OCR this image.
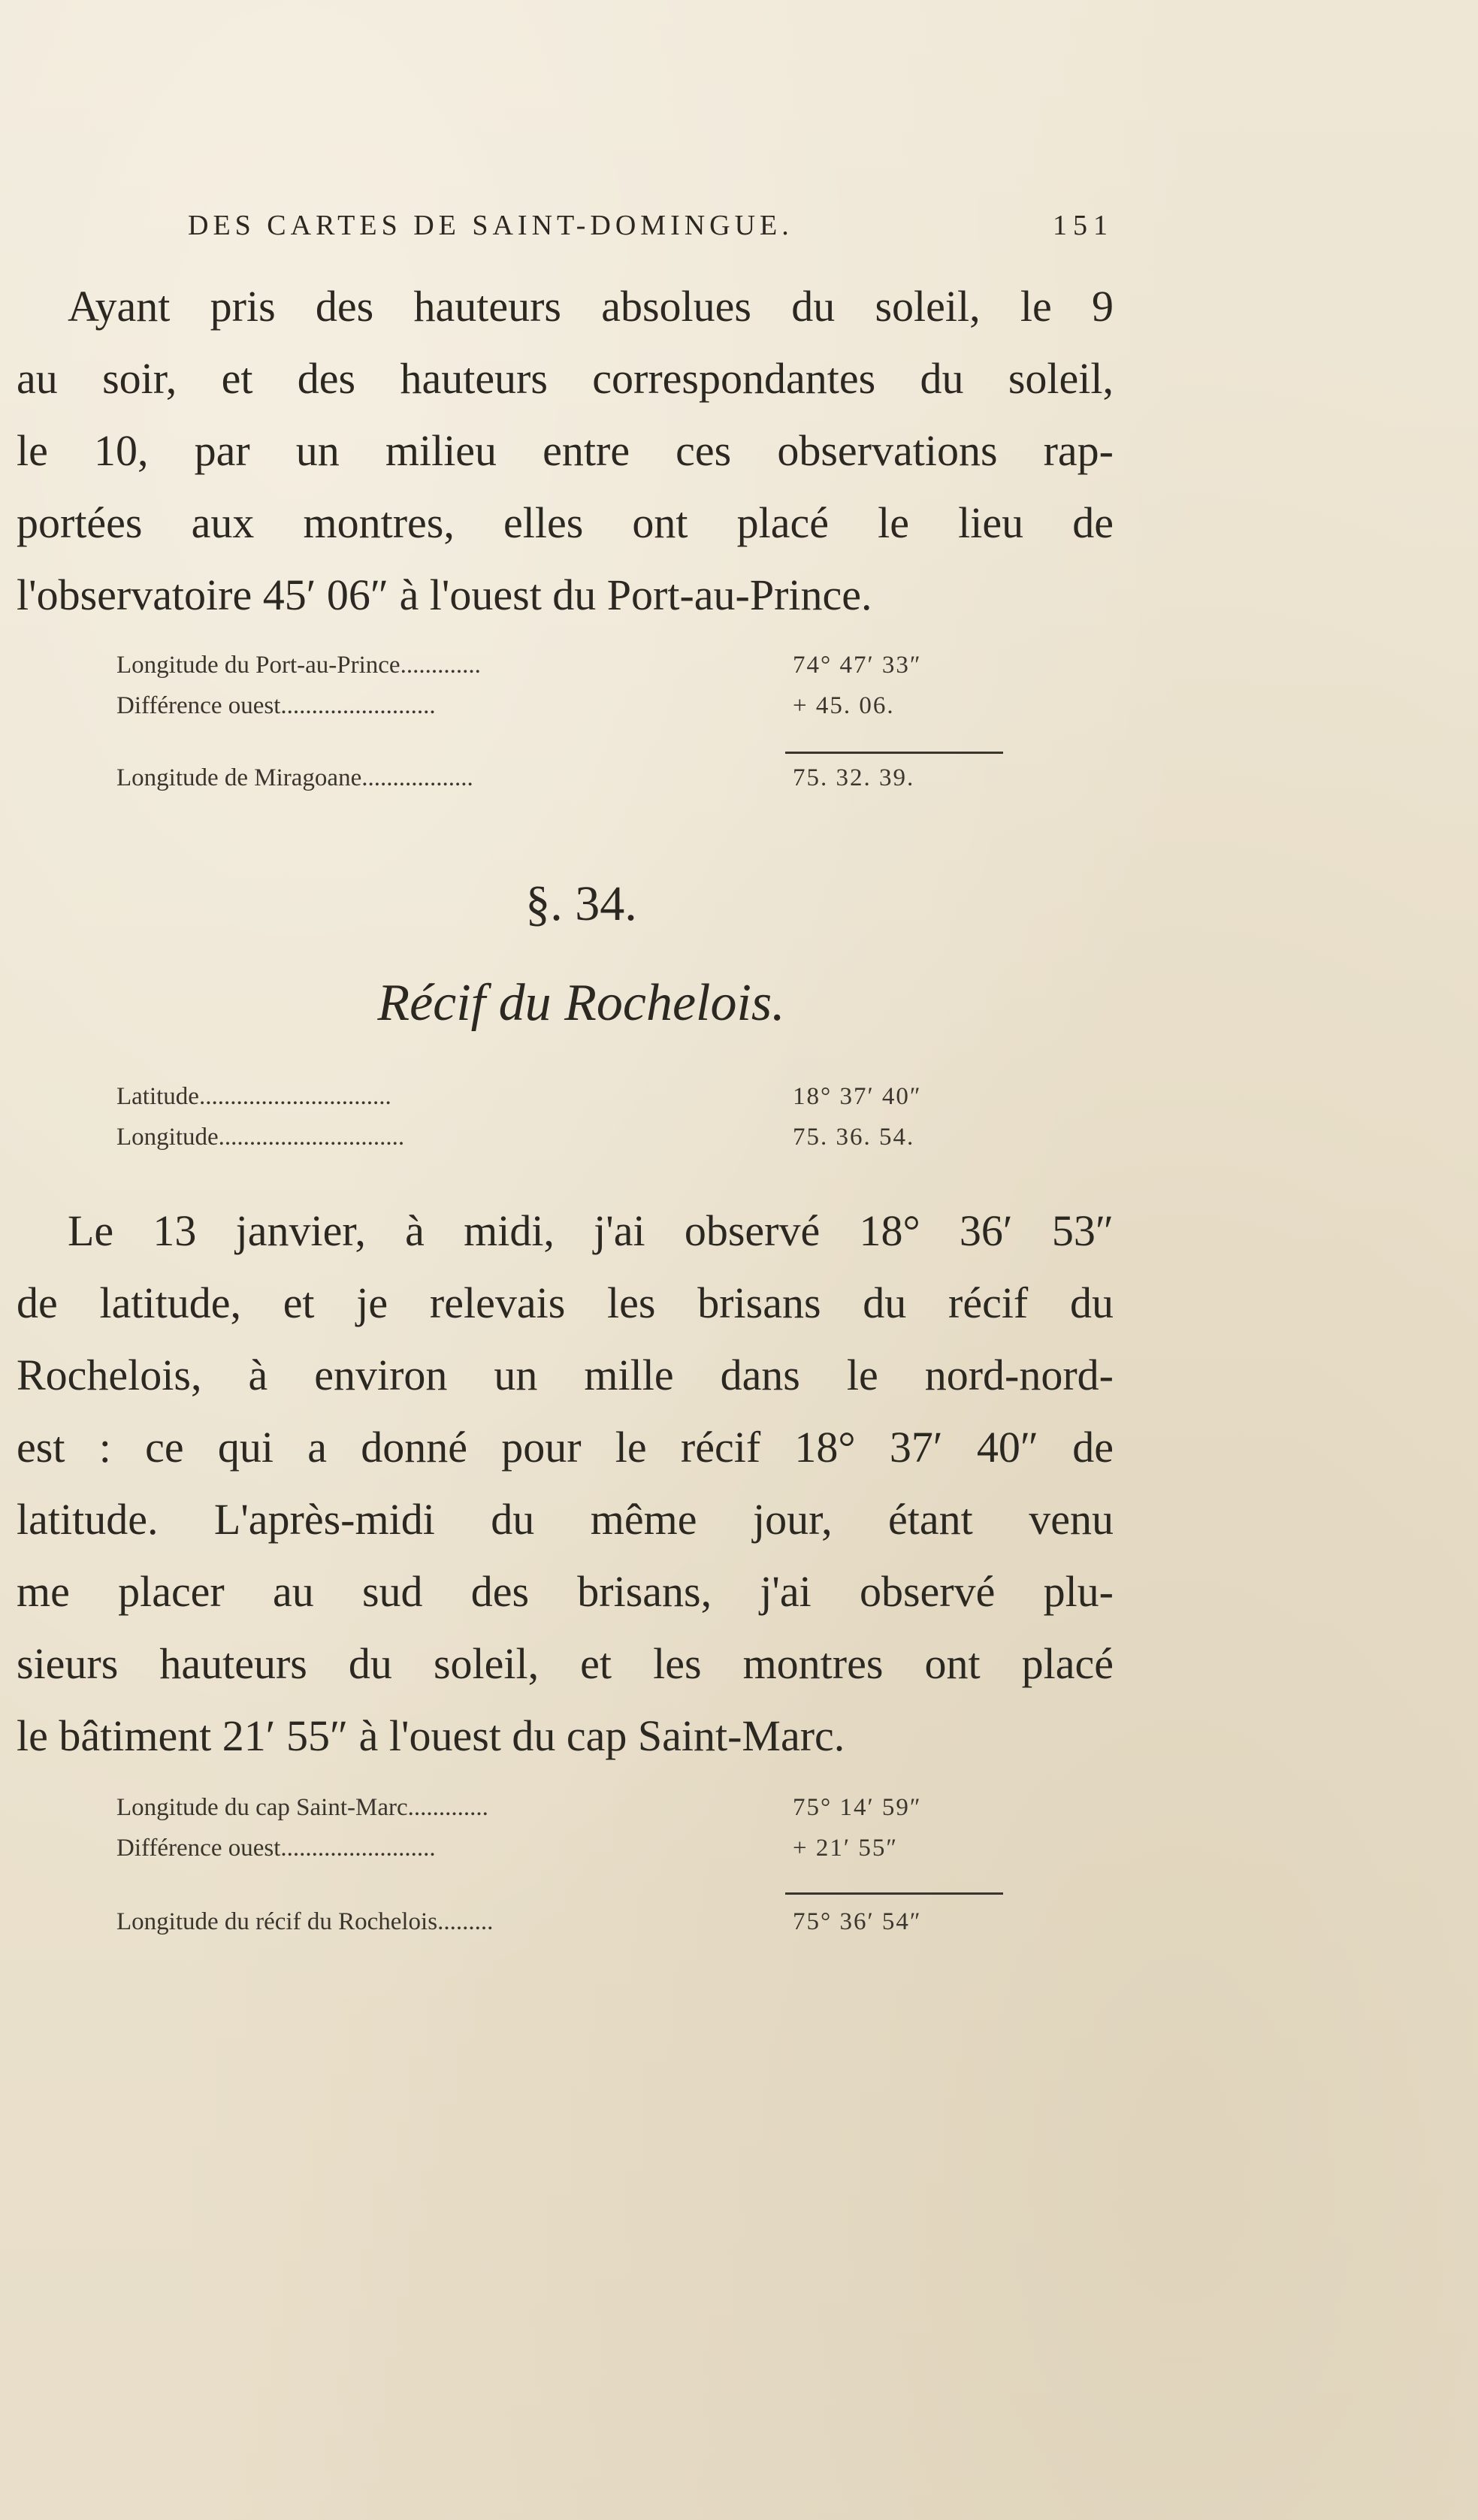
DES CARTES DE SAINT-DOMINGUE.	151

Ayant pris des hauteurs absolues du soleil, le 9
au soir, et des hauteurs correspondantes du soleil,
le 10, par un milieu entre ces observations rap-
portées aux montres, elles ont placé le lieu de
l'observatoire 45′ 06″ à l'ouest du Port-au-Prince.

Longitude du Port-au-Prince.............	74° 47′ 33″
Différence ouest.........................	+ 45. 06.
Longitude de Miragoane..................	75. 32. 39.
§. 34.
Récif du Rochelois.
Latitude...............................	18° 37′ 40″
Longitude..............................	75. 36. 54.

Le 13 janvier, à midi, j'ai observé 18° 36′ 53″
de latitude, et je relevais les brisans du récif du
Rochelois, à environ un mille dans le nord-nord-
est : ce qui a donné pour le récif 18° 37′ 40″ de
latitude. L'après-midi du même jour, étant venu
me placer au sud des brisans, j'ai observé plu-
sieurs hauteurs du soleil, et les montres ont placé
le bâtiment 21′ 55″ à l'ouest du cap Saint-Marc.

Longitude du cap Saint-Marc.............	75° 14′ 59″
Différence ouest.........................	+ 21′ 55″
Longitude du récif du Rochelois.........	75° 36′ 54″
